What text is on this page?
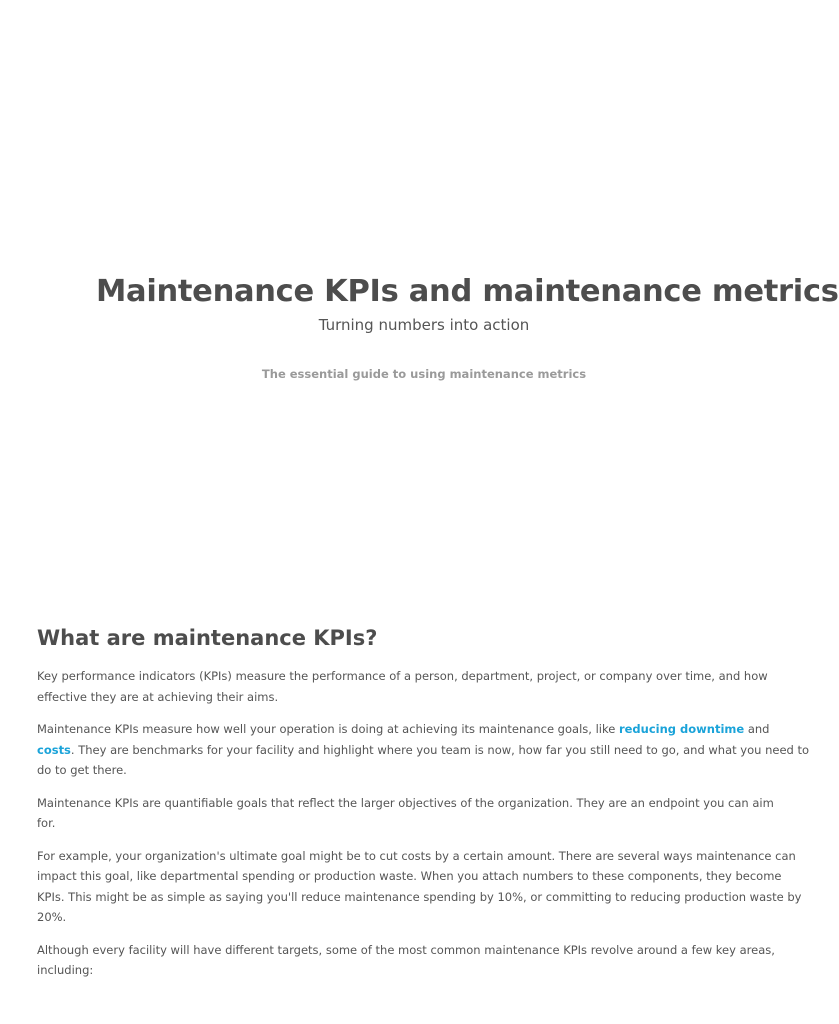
Maintenance KPIs and maintenance metrics

Turning numbers into action

The essential guide to using maintenance metrics

What are maintenance KPIs?

Key performance indicators (KPIs) measure the performance of a person, department, project, or company over time, and how
effective they are at achieving their aims.

Maintenance KPIs measure how well your operation is doing at achieving its maintenance goals, like reducing downtime and
costs. They are benchmarks for your facility and highlight where you team is now, how far you still need to go, and what you need to
do to get there.

Maintenance KPIs are quantifiable goals that reflect the larger objectives of the organization. They are an endpoint you can aim
for.

For example, your organization's ultimate goal might be to cut costs by a certain amount. There are several ways maintenance can
impact this goal, like departmental spending or production waste. When you attach numbers to these components, they become
KPIs. This might be as simple as saying you'll reduce maintenance spending by 10%, or committing to reducing production waste by
20%.

Although every facility will have different targets, some of the most common maintenance KPIs revolve around a few key areas,
including:
